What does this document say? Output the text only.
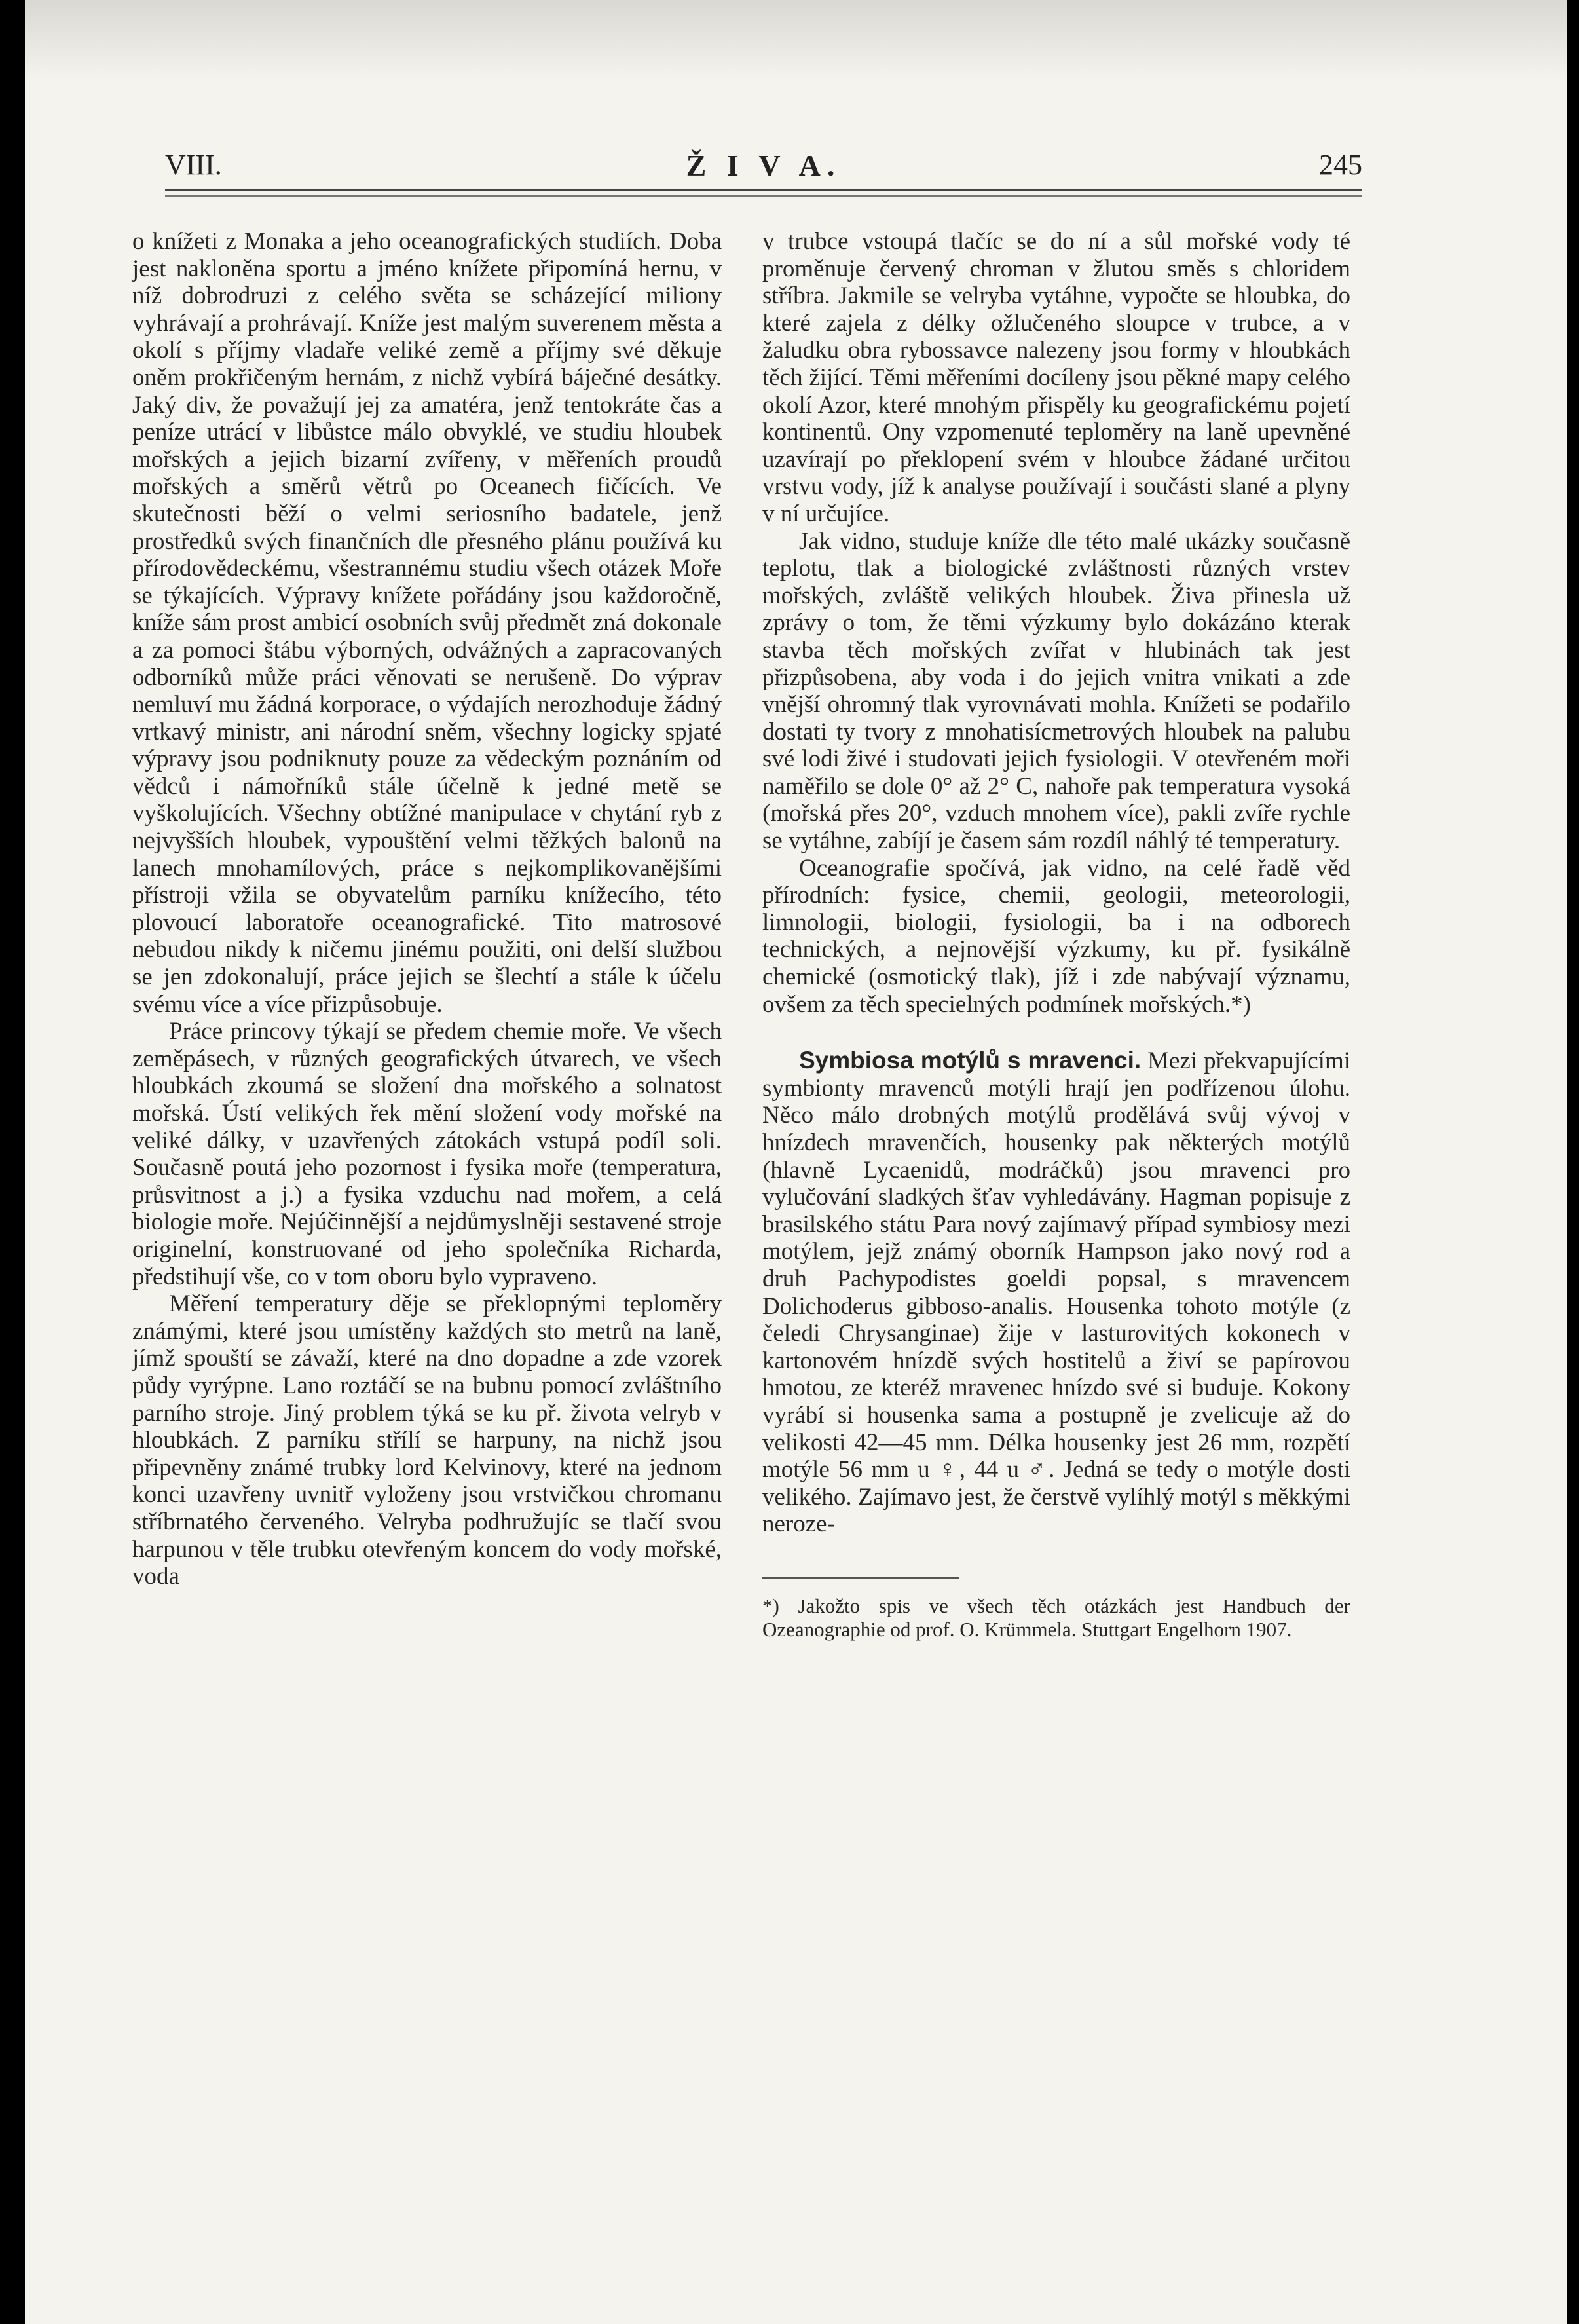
VIII.	Ž I V A.	245

o knížeti z Monaka a jeho oceanografických studiích. Doba jest nakloněna sportu a jméno knížete připomíná hernu, v níž dobrodruzi z celého světa se scházející miliony vyhrávají a prohrávají. Kníže jest malým suverenem města a okolí s příjmy vladaře veliké země a příjmy své děkuje oněm prokřičeným hernám, z nichž vybírá báječné desátky. Jaký div, že považují jej za amatéra, jenž tentokráte čas a peníze utrácí v libůstce málo obvyklé, ve studiu hloubek mořských a jejich bizarní zvířeny, v měřeních proudů mořských a směrů větrů po Oceanech fičících. Ve skutečnosti běží o velmi seriosního badatele, jenž prostředků svých finančních dle přesného plánu používá ku přírodovědeckému, všestrannému studiu všech otázek Moře se týkajících. Výpravy knížete pořádány jsou každoročně, kníže sám prost ambicí osobních svůj předmět zná dokonale a za pomoci štábu výborných, odvážných a zapracovaných odborníků může práci věnovati se nerušeně. Do výprav nemluví mu žádná korporace, o výdajích nerozhoduje žádný vrtkavý ministr, ani národní sněm, všechny logicky spjaté výpravy jsou podniknuty pouze za vědeckým poznáním od vědců i námořníků stále účelně k jedné metě se vyškolujících. Všechny obtížné manipulace v chytání ryb z nejvyšších hloubek, vypouštění velmi těžkých balonů na lanech mnohamílových, práce s nejkomplikovanějšími přístroji vžila se obyvatelům parníku knížecího, této plovoucí laboratoře oceanografické. Tito matrosové nebudou nikdy k ničemu jinému použiti, oni delší službou se jen zdokonalují, práce jejich se šlechtí a stále k účelu svému více a více přizpůsobuje.

Práce princovy týkají se předem chemie moře. Ve všech zeměpásech, v různých geografických útvarech, ve všech hloubkách zkoumá se složení dna mořského a solnatost mořská. Ústí velikých řek mění složení vody mořské na veliké dálky, v uzavřených zátokách vstupá podíl soli. Současně poutá jeho pozornost i fysika moře (temperatura, průsvitnost a j.) a fysika vzduchu nad mořem, a celá biologie moře. Nejúčinnější a nejdůmyslněji sestavené stroje originelní, konstruované od jeho společníka Richarda, předstihují vše, co v tom oboru bylo vypraveno.

Měření temperatury děje se překlopnými teploměry známými, které jsou umístěny každých sto metrů na laně, jímž spouští se závaží, které na dno dopadne a zde vzorek půdy vyrýpne. Lano roztáčí se na bubnu pomocí zvláštního parního stroje. Jiný problem týká se ku př. života velryb v hloubkách. Z parníku střílí se harpuny, na nichž jsou připevněny známé trubky lord Kelvinovy, které na jednom konci uzavřeny uvnitř vyloženy jsou vrstvičkou chromanu stříbrnatého červeného. Velryba podhružujíc se tlačí svou harpunou v těle trubku otevřeným koncem do vody mořské, voda

v trubce vstoupá tlačíc se do ní a sůl mořské vody té proměnuje červený chroman v žlutou směs s chloridem stříbra. Jakmile se velryba vytáhne, vypočte se hloubka, do které zajela z délky ožlučeného sloupce v trubce, a v žaludku obra rybossavce nalezeny jsou formy v hloubkách těch žijící. Těmi měřeními docíleny jsou pěkné mapy celého okolí Azor, které mnohým přispěly ku geografickému pojetí kontinentů. Ony vzpomenuté teploměry na laně upevněné uzavírají po překlopení svém v hloubce žádané určitou vrstvu vody, jíž k analyse používají i součásti slané a plyny v ní určujíce.

Jak vidno, studuje kníže dle této malé ukázky současně teplotu, tlak a biologické zvláštnosti různých vrstev mořských, zvláště velikých hloubek. Živa přinesla už zprávy o tom, že těmi výzkumy bylo dokázáno kterak stavba těch mořských zvířat v hlubinách tak jest přizpůsobena, aby voda i do jejich vnitra vnikati a zde vnější ohromný tlak vyrovnávati mohla. Knížeti se podařilo dostati ty tvory z mnohatisícmetrových hloubek na palubu své lodi živé i studovati jejich fysiologii. V otevřeném moři naměřilo se dole 0° až 2° C, nahoře pak temperatura vysoká (mořská přes 20°, vzduch mnohem více), pakli zvíře rychle se vytáhne, zabíjí je časem sám rozdíl náhlý té temperatury.

Oceanografie spočívá, jak vidno, na celé řadě věd přírodních: fysice, chemii, geologii, meteorologii, limnologii, biologii, fysiologii, ba i na odborech technických, a nejnovější výzkumy, ku př. fysikálně chemické (osmotický tlak), jíž i zde nabývají významu, ovšem za těch specielných podmínek mořských.*)

Symbiosa motýlů s mravenci. Mezi překvapujícími symbionty mravenců motýli hrají jen podřízenou úlohu. Něco málo drobných motýlů prodělává svůj vývoj v hnízdech mravenčích, housenky pak některých motýlů (hlavně Lycaenidů, modráčků) jsou mravenci pro vylučování sladkých šťav vyhledávány. Hagman popisuje z brasilského státu Para nový zajímavý případ symbiosy mezi motýlem, jejž známý oborník Hampson jako nový rod a druh Pachypodistes goeldi popsal, s mravencem Dolichoderus gibboso-analis. Housenka tohoto motýle (z čeledi Chrysanginae) žije v lasturovitých kokonech v kartonovém hnízdě svých hostitelů a živí se papírovou hmotou, ze kteréž mravenec hnízdo své si buduje. Kokony vyrábí si housenka sama a postupně je zvelicuje až do velikosti 42—45 mm. Délka housenky jest 26 mm, rozpětí motýle 56 mm u ♀, 44 u ♂. Jedná se tedy o motýle dosti velikého. Zajímavo jest, že čerstvě vylíhlý motýl s měkkými neroze-

*) Jakožto spis ve všech těch otázkách jest Handbuch der Ozeanographie od prof. O. Krümmela. Stuttgart Engelhorn 1907.
